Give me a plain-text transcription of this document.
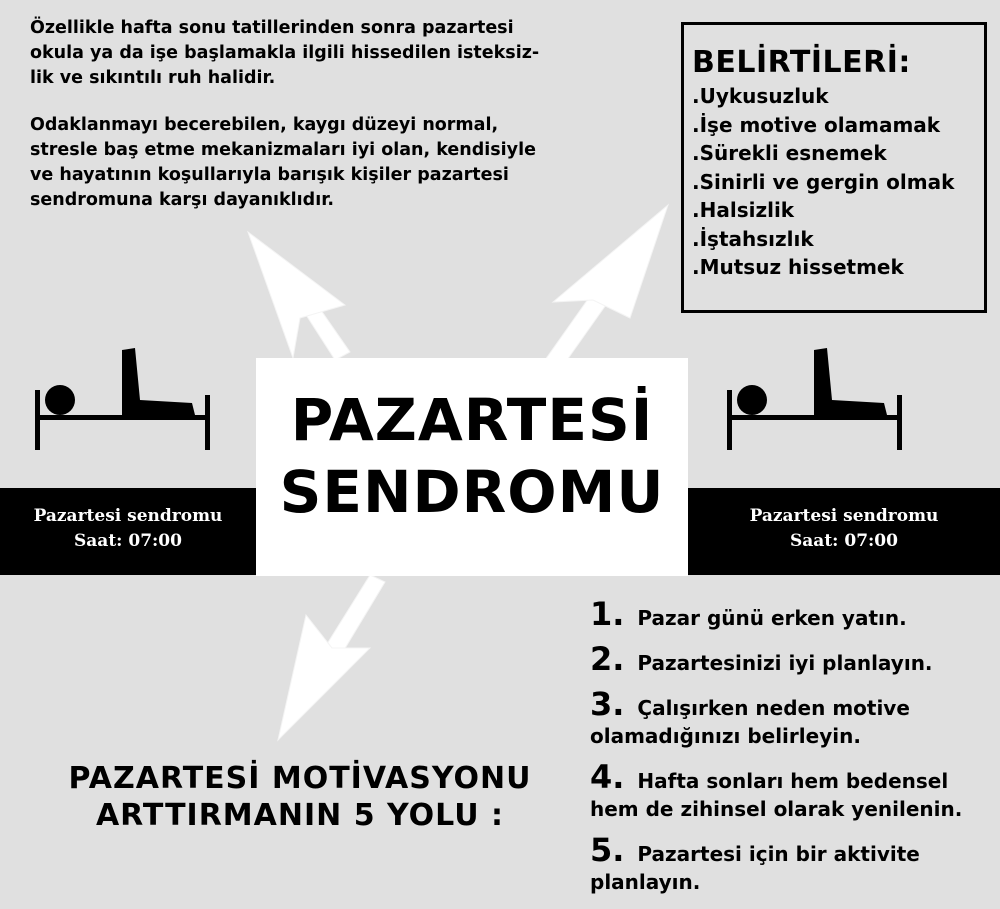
Özellikle hafta sonu tatillerinden sonra pazartesi
okula ya da işe başlamakla ilgili hissedilen isteksiz-
lik ve sıkıntılı ruh halidir.

Odaklanmayı becerebilen, kaygı düzeyi normal,
stresle baş etme mekanizmaları iyi olan, kendisiyle
ve hayatının koşullarıyla barışık kişiler pazartesi
sendromuna karşı dayanıklıdır.

BELİRTİLERİ:
.Uykusuzluk
.İşe motive olamamak
.Sürekli esnemek
.Sinirli ve gergin olmak
.Halsizlik
.İştahsızlık
.Mutsuz hissetmek
Pazartesi sendromu
Saat: 07:00
Pazartesi sendromu
Saat: 07:00
PAZARTESİ
SENDROMU
PAZARTESİ MOTİVASYONU
ARTTIRMANIN 5 YOLU :
1. Pazar günü erken yatın.
2. Pazartesinizi iyi planlayın.
3. Çalışırken neden motive
olamadığınızı belirleyin.
4. Hafta sonları hem bedensel
hem de zihinsel olarak yenilenin.
5. Pazartesi için bir aktivite
planlayın.
